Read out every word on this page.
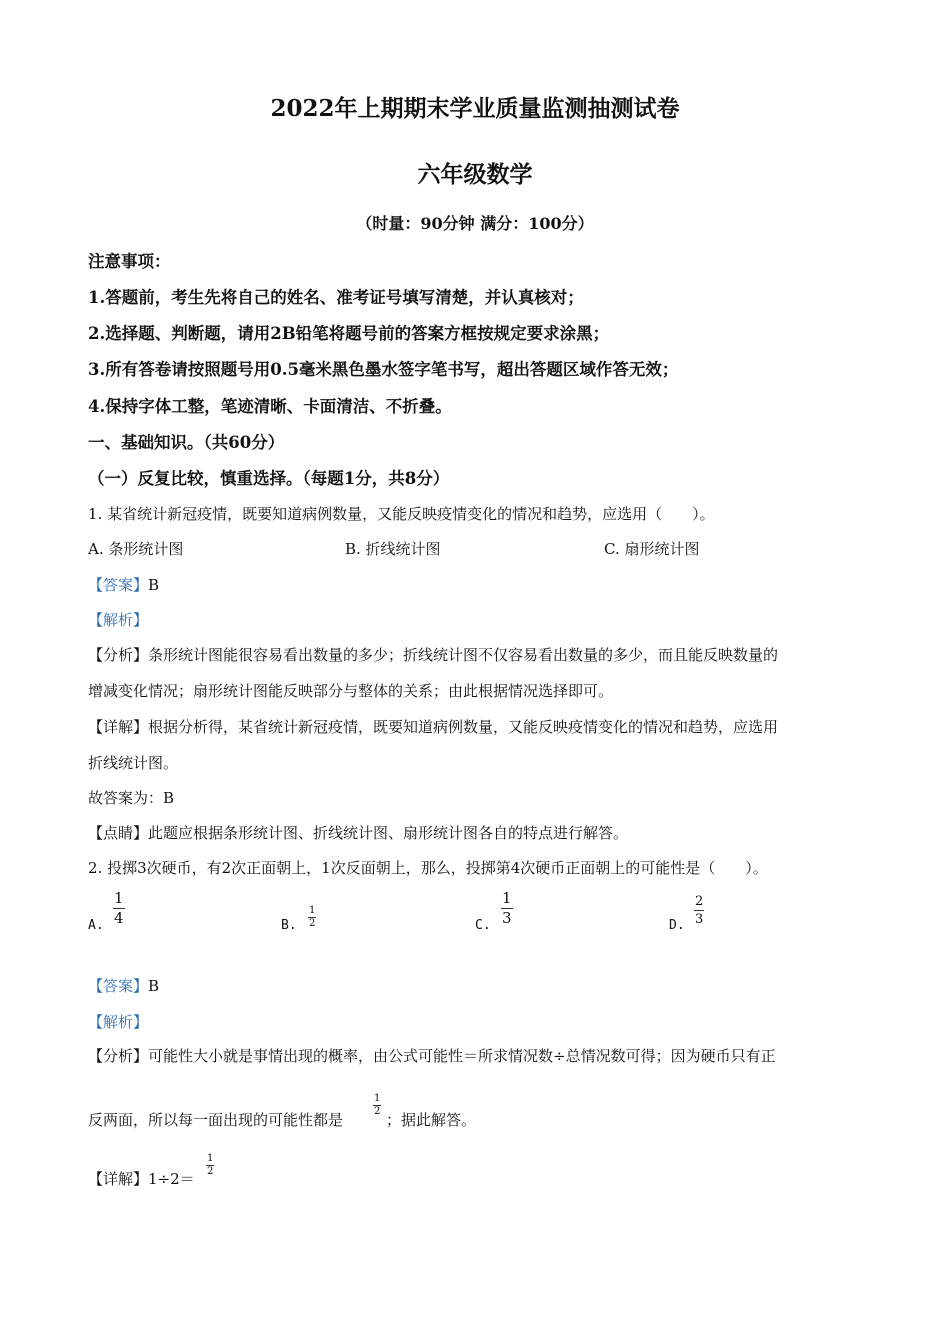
2022年上期期末学业质量监测抽测试卷
六年级数学
（时量：90分钟 满分：100分）
注意事项：
1.答题前，考生先将自己的姓名、准考证号填写清楚，并认真核对；
2.选择题、判断题，请用2B铅笔将题号前的答案方框按规定要求涂黑；
3.所有答卷请按照题号用0.5毫米黑色墨水签字笔书写，超出答题区域作答无效；
4.保持字体工整，笔迹清晰、卡面清洁、不折叠。
一、基础知识。（共60分）
（一）反复比较，慎重选择。（每题1分，共8分）
1. 某省统计新冠疫情，既要知道病例数量，又能反映疫情变化的情况和趋势，应选用（　　）。
A. 条形统计图	B. 折线统计图	C. 扇形统计图
【答案】B
【解析】
【分析】条形统计图能很容易看出数量的多少；折线统计图不仅容易看出数量的多少，而且能反映数量的
增减变化情况；扇形统计图能反映部分与整体的关系；由此根据情况选择即可。
【详解】根据分析得，某省统计新冠疫情，既要知道病例数量，又能反映疫情变化的情况和趋势，应选用
折线统计图。
故答案为：B
【点睛】此题应根据条形统计图、折线统计图、扇形统计图各自的特点进行解答。
2. 投掷3次硬币，有2次正面朝上，1次反面朝上，那么，投掷第4次硬币正面朝上的可能性是（　　）。
A.
1
4	B.
1
2	C.
1
3	D.
2
3
【答案】B
【解析】
【分析】可能性大小就是事情出现的概率，由公式可能性＝所求情况数÷总情况数可得；因为硬币只有正
反两面，所以每一面出现的可能性都是
1
2 ；据此解答。
【详解】1÷2＝
1
2
